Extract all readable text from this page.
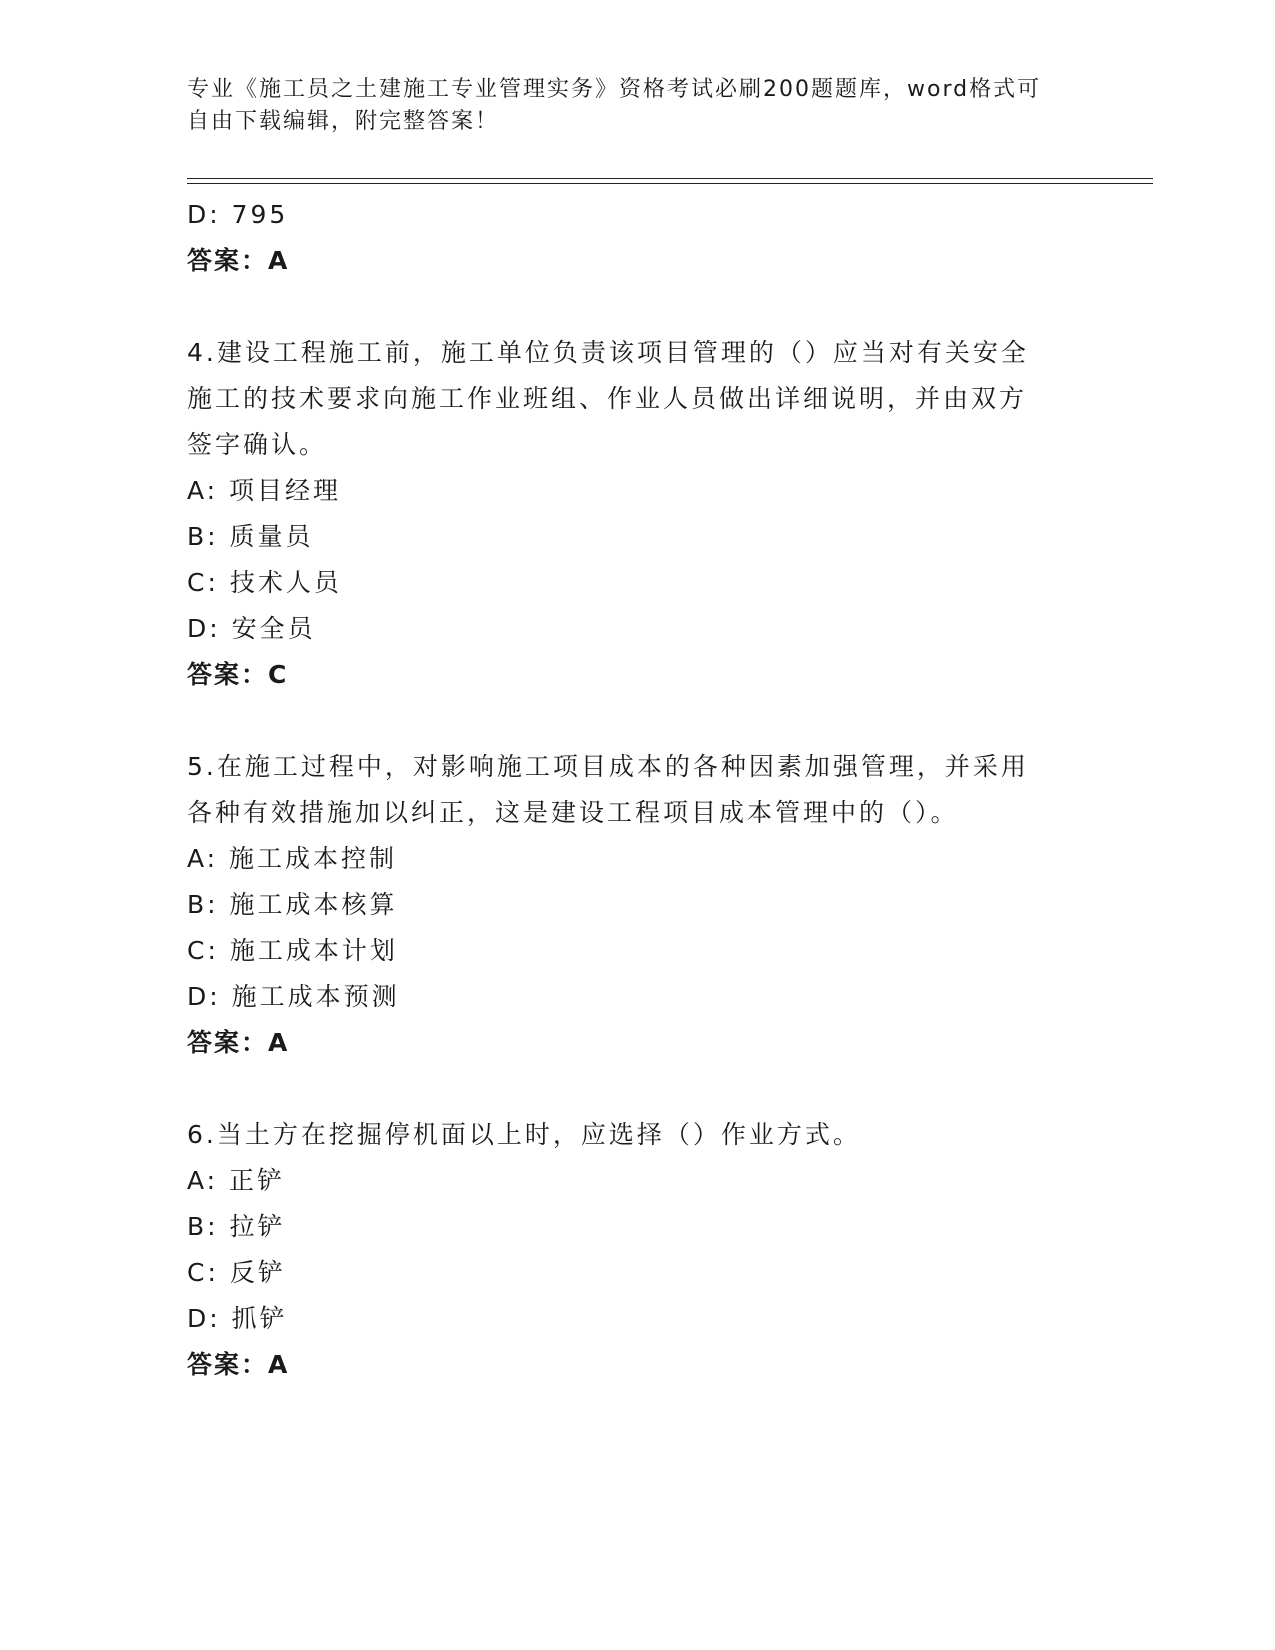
专业《施工员之土建施工专业管理实务》资格考试必刷200题题库，word格式可
自由下载编辑，附完整答案！
D: 795
答案：A
4.建设工程施工前，施工单位负责该项目管理的（）应当对有关安全
施工的技术要求向施工作业班组、作业人员做出详细说明，并由双方
签字确认。
A: 项目经理
B: 质量员
C: 技术人员
D: 安全员
答案：C
5.在施工过程中，对影响施工项目成本的各种因素加强管理，并采用
各种有效措施加以纠正，这是建设工程项目成本管理中的（）。
A: 施工成本控制
B: 施工成本核算
C: 施工成本计划
D: 施工成本预测
答案：A
6.当土方在挖掘停机面以上时，应选择（）作业方式。
A: 正铲
B: 拉铲
C: 反铲
D: 抓铲
答案：A
